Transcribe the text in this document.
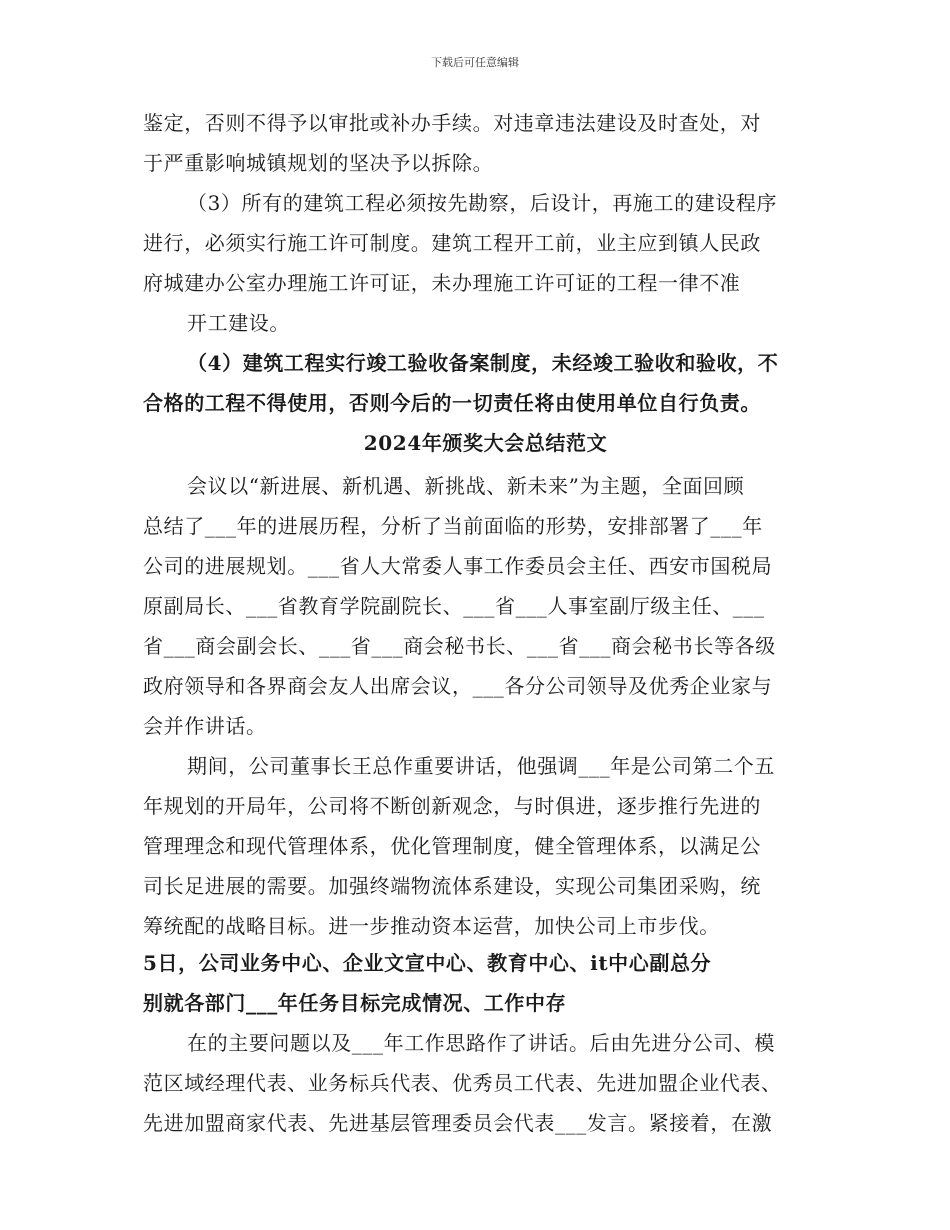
下载后可任意编辑
鉴定，否则不得予以审批或补办手续。对违章违法建设及时查处，对
于严重影响城镇规划的坚决予以拆除。
（3）所有的建筑工程必须按先勘察，后设计，再施工的建设程序
进行，必须实行施工许可制度。建筑工程开工前，业主应到镇人民政
府城建办公室办理施工许可证，未办理施工许可证的工程一律不准
开工建设。
（4）建筑工程实行竣工验收备案制度，未经竣工验收和验收，不
合格的工程不得使用，否则今后的一切责任将由使用单位自行负责。
2024年颁奖大会总结范文
会议以“新进展、新机遇、新挑战、新未来”为主题，全面回顾
总结了___年的进展历程，分析了当前面临的形势，安排部署了___年
公司的进展规划。___省人大常委人事工作委员会主任、西安市国税局
原副局长、___省教育学院副院长、___省___人事室副厅级主任、___
省___商会副会长、___省___商会秘书长、___省___商会秘书长等各级
政府领导和各界商会友人出席会议，___各分公司领导及优秀企业家与
会并作讲话。
期间，公司董事长王总作重要讲话，他强调___年是公司第二个五
年规划的开局年，公司将不断创新观念，与时俱进，逐步推行先进的
管理理念和现代管理体系，优化管理制度，健全管理体系，以满足公
司长足进展的需要。加强终端物流体系建设，实现公司集团采购，统
筹统配的战略目标。进一步推动资本运营，加快公司上市步伐。
5日，公司业务中心、企业文宣中心、教育中心、it中心副总分
别就各部门___年任务目标完成情况、工作中存
在的主要问题以及___年工作思路作了讲话。后由先进分公司、模
范区域经理代表、业务标兵代表、优秀员工代表、先进加盟企业代表、
先进加盟商家代表、先进基层管理委员会代表___发言。紧接着，在激
